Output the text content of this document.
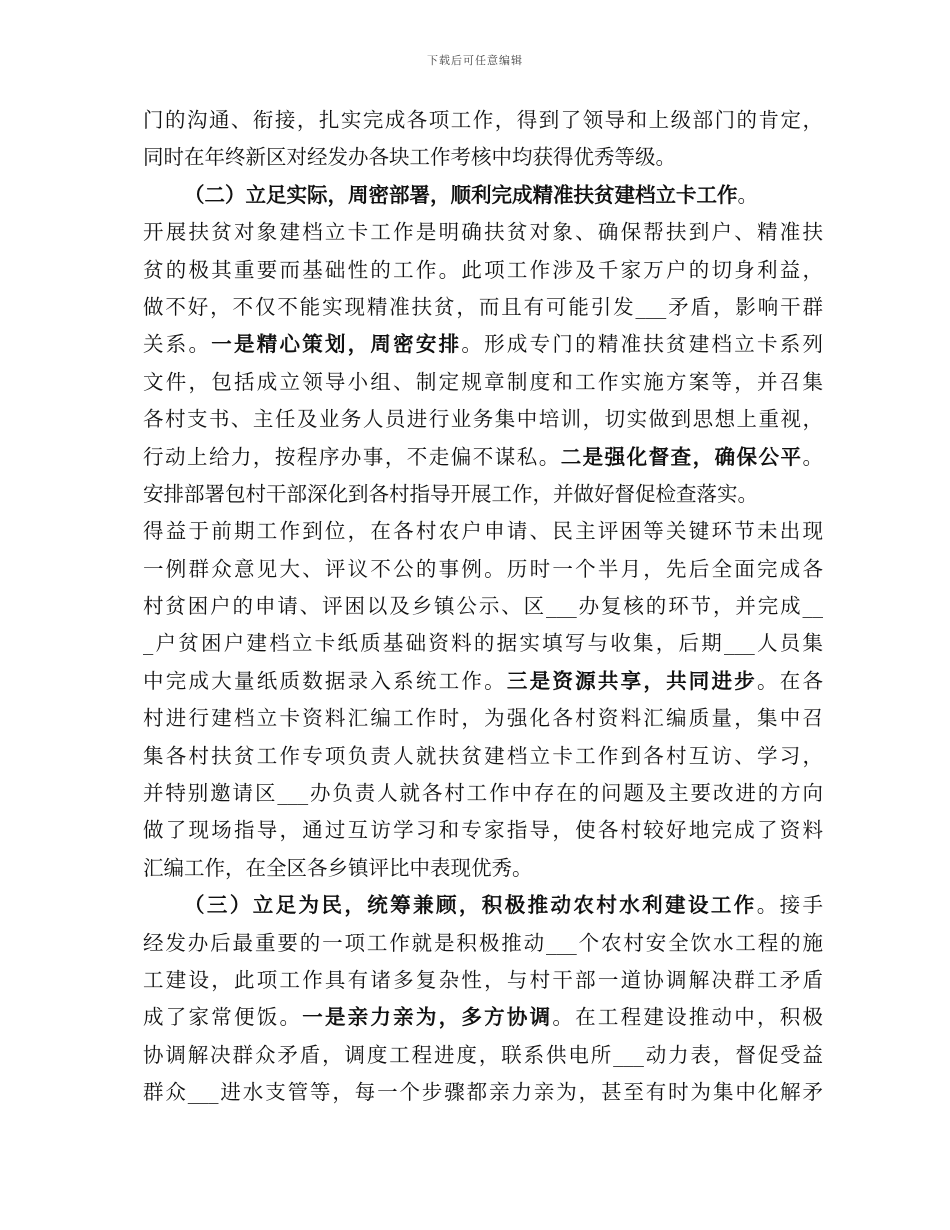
下载后可任意编辑
门的沟通、衔接，扎实完成各项工作，得到了领导和上级部门的肯定，
同时在年终新区对经发办各块工作考核中均获得优秀等级。
（二）立足实际，周密部署，顺利完成精准扶贫建档立卡工作。
开展扶贫对象建档立卡工作是明确扶贫对象、确保帮扶到户、精准扶
贫的极其重要而基础性的工作。此项工作涉及千家万户的切身利益，
做不好，不仅不能实现精准扶贫，而且有可能引发___矛盾，影响干群
关系。一是精心策划，周密安排。形成专门的精准扶贫建档立卡系列
文件，包括成立领导小组、制定规章制度和工作实施方案等，并召集
各村支书、主任及业务人员进行业务集中培训，切实做到思想上重视，
行动上给力，按程序办事，不走偏不谋私。二是强化督查，确保公平。
安排部署包村干部深化到各村指导开展工作，并做好督促检查落实。
得益于前期工作到位，在各村农户申请、民主评困等关键环节未出现
一例群众意见大、评议不公的事例。历时一个半月，先后全面完成各
村贫困户的申请、评困以及乡镇公示、区___办复核的环节，并完成__
_户贫困户建档立卡纸质基础资料的据实填写与收集，后期___人员集
中完成大量纸质数据录入系统工作。三是资源共享，共同进步。在各
村进行建档立卡资料汇编工作时，为强化各村资料汇编质量，集中召
集各村扶贫工作专项负责人就扶贫建档立卡工作到各村互访、学习，
并特别邀请区___办负责人就各村工作中存在的问题及主要改进的方向
做了现场指导，通过互访学习和专家指导，使各村较好地完成了资料
汇编工作，在全区各乡镇评比中表现优秀。
（三）立足为民，统筹兼顾，积极推动农村水利建设工作。接手
经发办后最重要的一项工作就是积极推动___个农村安全饮水工程的施
工建设，此项工作具有诸多复杂性，与村干部一道协调解决群工矛盾
成了家常便饭。一是亲力亲为，多方协调。在工程建设推动中，积极
协调解决群众矛盾，调度工程进度，联系供电所___动力表，督促受益
群众___进水支管等，每一个步骤都亲力亲为，甚至有时为集中化解矛
